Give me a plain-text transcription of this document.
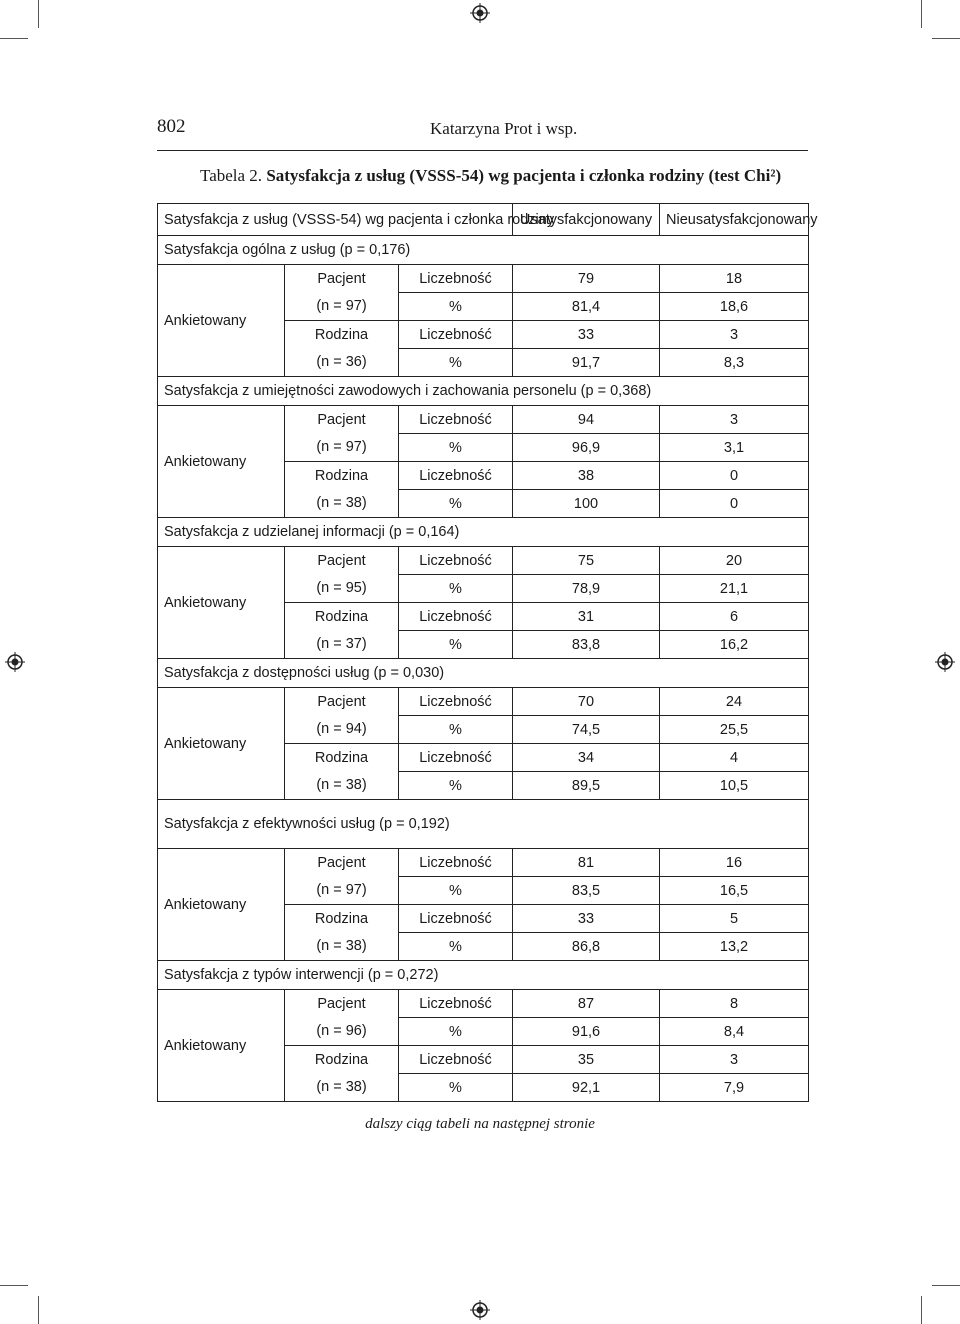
802	Katarzyna Prot i wsp.
Tabela 2. Satysfakcja z usług (VSSS-54) wg pacjenta i członka rodziny (test Chi²)
Satysfakcja z usług (VSSS-54) wg pacjenta i członka rodziny			Usatysfakcjonowany	Nieusatysfakcjonowany
Satysfakcja ogólna z usług (p = 0,176)				
Ankietowany	Pacjent	Liczebność	79	18
	(n = 97)	%	81,4	18,6
	Rodzina	Liczebność	33	3
	(n = 36)	%	91,7	8,3
Satysfakcja z umiejętności zawodowych i zachowania personelu (p = 0,368)				
Ankietowany	Pacjent	Liczebność	94	3
	(n = 97)	%	96,9	3,1
	Rodzina	Liczebność	38	0
	(n = 38)	%	100	0
Satysfakcja z udzielanej informacji (p = 0,164)				
Ankietowany	Pacjent	Liczebność	75	20
	(n = 95)	%	78,9	21,1
	Rodzina	Liczebność	31	6
	(n = 37)	%	83,8	16,2
Satysfakcja z dostępności usług (p = 0,030)				
Ankietowany	Pacjent	Liczebność	70	24
	(n = 94)	%	74,5	25,5
	Rodzina	Liczebność	34	4
	(n = 38)	%	89,5	10,5
Satysfakcja z efektywności usług (p = 0,192)				
Ankietowany	Pacjent	Liczebność	81	16
	(n = 97)	%	83,5	16,5
	Rodzina	Liczebność	33	5
	(n = 38)	%	86,8	13,2
Satysfakcja z typów interwencji (p = 0,272)				
Ankietowany	Pacjent	Liczebność	87	8
	(n = 96)	%	91,6	8,4
	Rodzina	Liczebność	35	3
	(n = 38)	%	92,1	7,9
dalszy ciąg tabeli na następnej stronie
